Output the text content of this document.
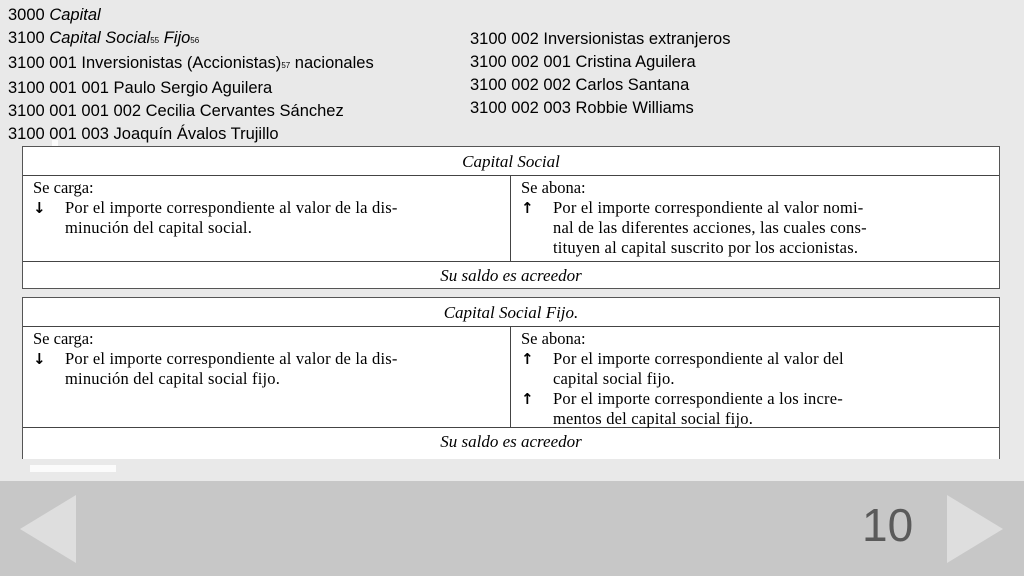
3000 Capital
3100 Capital Social55 Fijo56
3100 001 Inversionistas (Accionistas)57 nacionales
3100 001 001 Paulo Sergio Aguilera
3100 001 001 002 Cecilia Cervantes Sánchez
3100 001 003 Joaquín Ávalos Trujillo
3100 002 Inversionistas extranjeros
3100 002 001 Cristina Aguilera
3100 002 002 Carlos Santana
3100 002 003 Robbie Williams
Capital Social
Se carga:
↓	Por el importe correspondiente al valor de la dis-
minución del capital social.
Se abona:
↑	Por el importe correspondiente al valor nomi-
nal de las diferentes acciones, las cuales cons-
tituyen al capital suscrito por los accionistas.
Su saldo es acreedor
Capital Social Fijo.
Se carga:
↓	Por el importe correspondiente al valor de la dis-
minución del capital social fijo.
Se abona:
↑	Por el importe correspondiente al valor del
capital social fijo.
↑	Por el importe correspondiente a los incre-
mentos del capital social fijo.
Su saldo es acreedor
10
